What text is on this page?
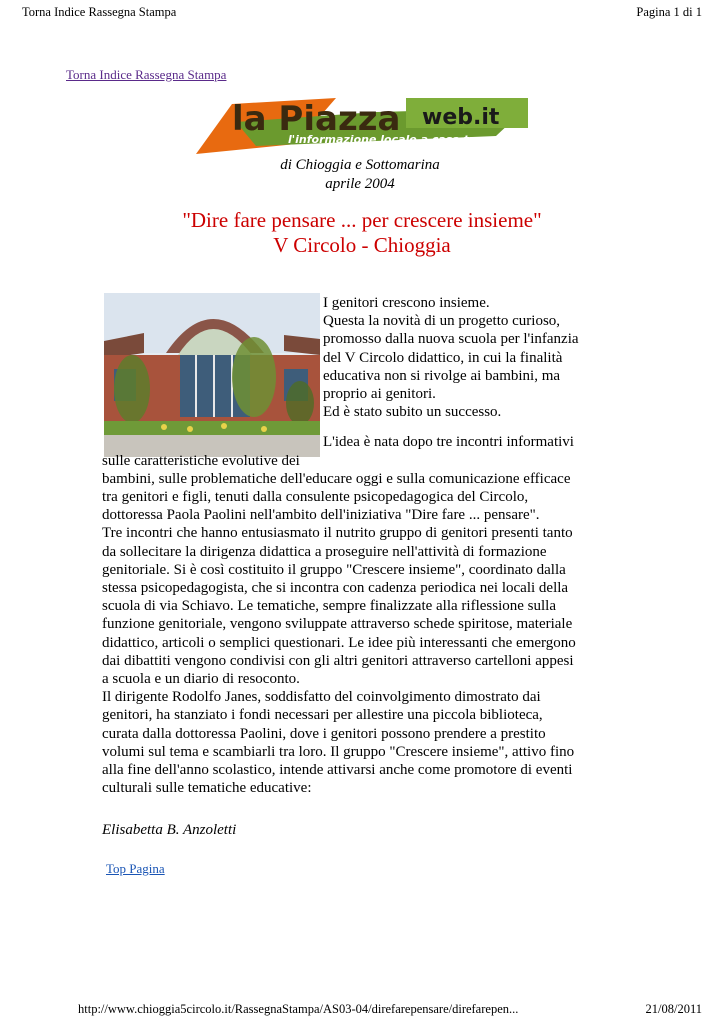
Torna Indice Rassegna Stampa	Pagina 1 di 1
Torna Indice Rassegna Stampa
la Piazza web.it
l'informazione locale a casa tua
di Chioggia e Sottomarina
aprile 2004
"Dire fare pensare ... per crescere insieme"
V Circolo - Chioggia

I genitori crescono insieme.

Questa la novità di un progetto curioso,

promosso dalla nuova scuola per l'infanzia

del V Circolo didattico, in cui la finalità

educativa non si rivolge ai bambini, ma

proprio ai genitori.

Ed è stato subito un successo.

L'idea è nata dopo tre incontri informativi

sulle caratteristiche evolutive dei

bambini, sulle problematiche dell'educare oggi e sulla comunicazione efficace

tra genitori e figli, tenuti dalla consulente psicopedagogica del Circolo,

dottoressa Paola Paolini nell'ambito dell'iniziativa "Dire fare ... pensare".

Tre incontri che hanno entusiasmato il nutrito gruppo di genitori presenti tanto

da sollecitare la dirigenza didattica a proseguire nell'attività di formazione

genitoriale. Si è così costituito il gruppo "Crescere insieme", coordinato dalla

stessa psicopedagogista, che si incontra con cadenza periodica nei locali della

scuola di via Schiavo. Le tematiche, sempre finalizzate alla riflessione sulla

funzione genitoriale, vengono sviluppate attraverso schede spiritose, materiale

didattico, articoli o semplici questionari. Le idee più interessanti che emergono

dai dibattiti vengono condivisi con gli altri genitori attraverso cartelloni appesi

a scuola e un diario di resoconto.

Il dirigente Rodolfo Janes, soddisfatto del coinvolgimento dimostrato dai

genitori, ha stanziato i fondi necessari per allestire una piccola biblioteca,

curata dalla dottoressa Paolini, dove i genitori possono prendere a prestito

volumi sul tema e scambiarli tra loro. Il gruppo "Crescere insieme", attivo fino

alla fine dell'anno scolastico, intende attivarsi anche come promotore di eventi

culturali sulle tematiche educative:

Elisabetta B. Anzoletti
Top Pagina
http://www.chioggia5circolo.it/RassegnaStampa/AS03-04/direfarepensare/direfarepen...	21/08/2011
